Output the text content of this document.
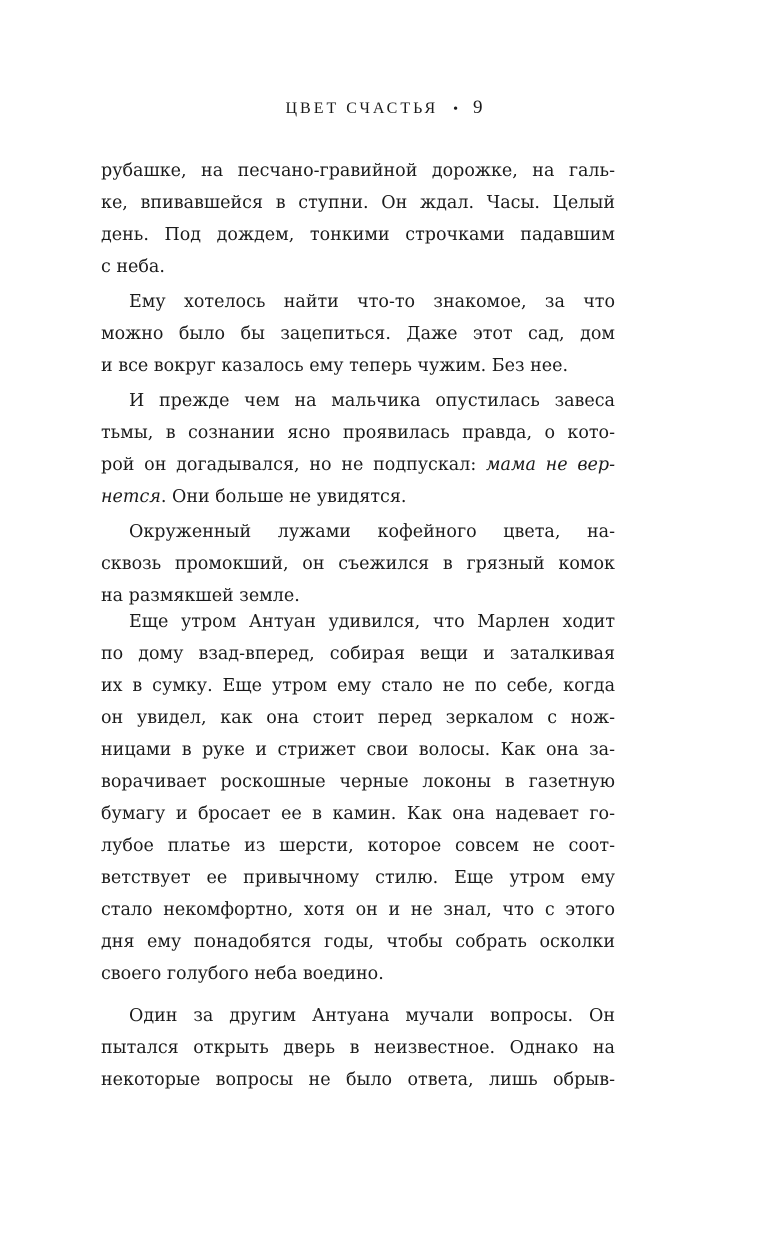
ЦВЕТ СЧАСТЬЯ • 9
рубашке, на песчано-гравийной дорожке, на галь-
ке, впивавшейся в ступни. Он ждал. Часы. Целый
день. Под дождем, тонкими строчками падавшим
с неба.
Ему хотелось найти что-то знакомое, за что
можно было бы зацепиться. Даже этот сад, дом
и все вокруг казалось ему теперь чужим. Без нее.
И прежде чем на мальчика опустилась завеса
тьмы, в сознании ясно проявилась правда, о кото-
рой он догадывался, но не подпускал: мама не вер-
нется. Они больше не увидятся.
Окруженный лужами кофейного цвета, на-
сквозь промокший, он съежился в грязный комок
на размякшей земле.
Еще утром Антуан удивился, что Марлен ходит
по дому взад-вперед, собирая вещи и заталкивая
их в сумку. Еще утром ему стало не по себе, когда
он увидел, как она стоит перед зеркалом с нож-
ницами в руке и стрижет свои волосы. Как она за-
ворачивает роскошные черные локоны в газетную
бумагу и бросает ее в камин. Как она надевает го-
лубое платье из шерсти, которое совсем не соот-
ветствует ее привычному стилю. Еще утром ему
стало некомфортно, хотя он и не знал, что с этого
дня ему понадобятся годы, чтобы собрать осколки
своего голубого неба воедино.
Один за другим Антуана мучали вопросы. Он
пытался открыть дверь в неизвестное. Однако на
некоторые вопросы не было ответа, лишь обрыв-
